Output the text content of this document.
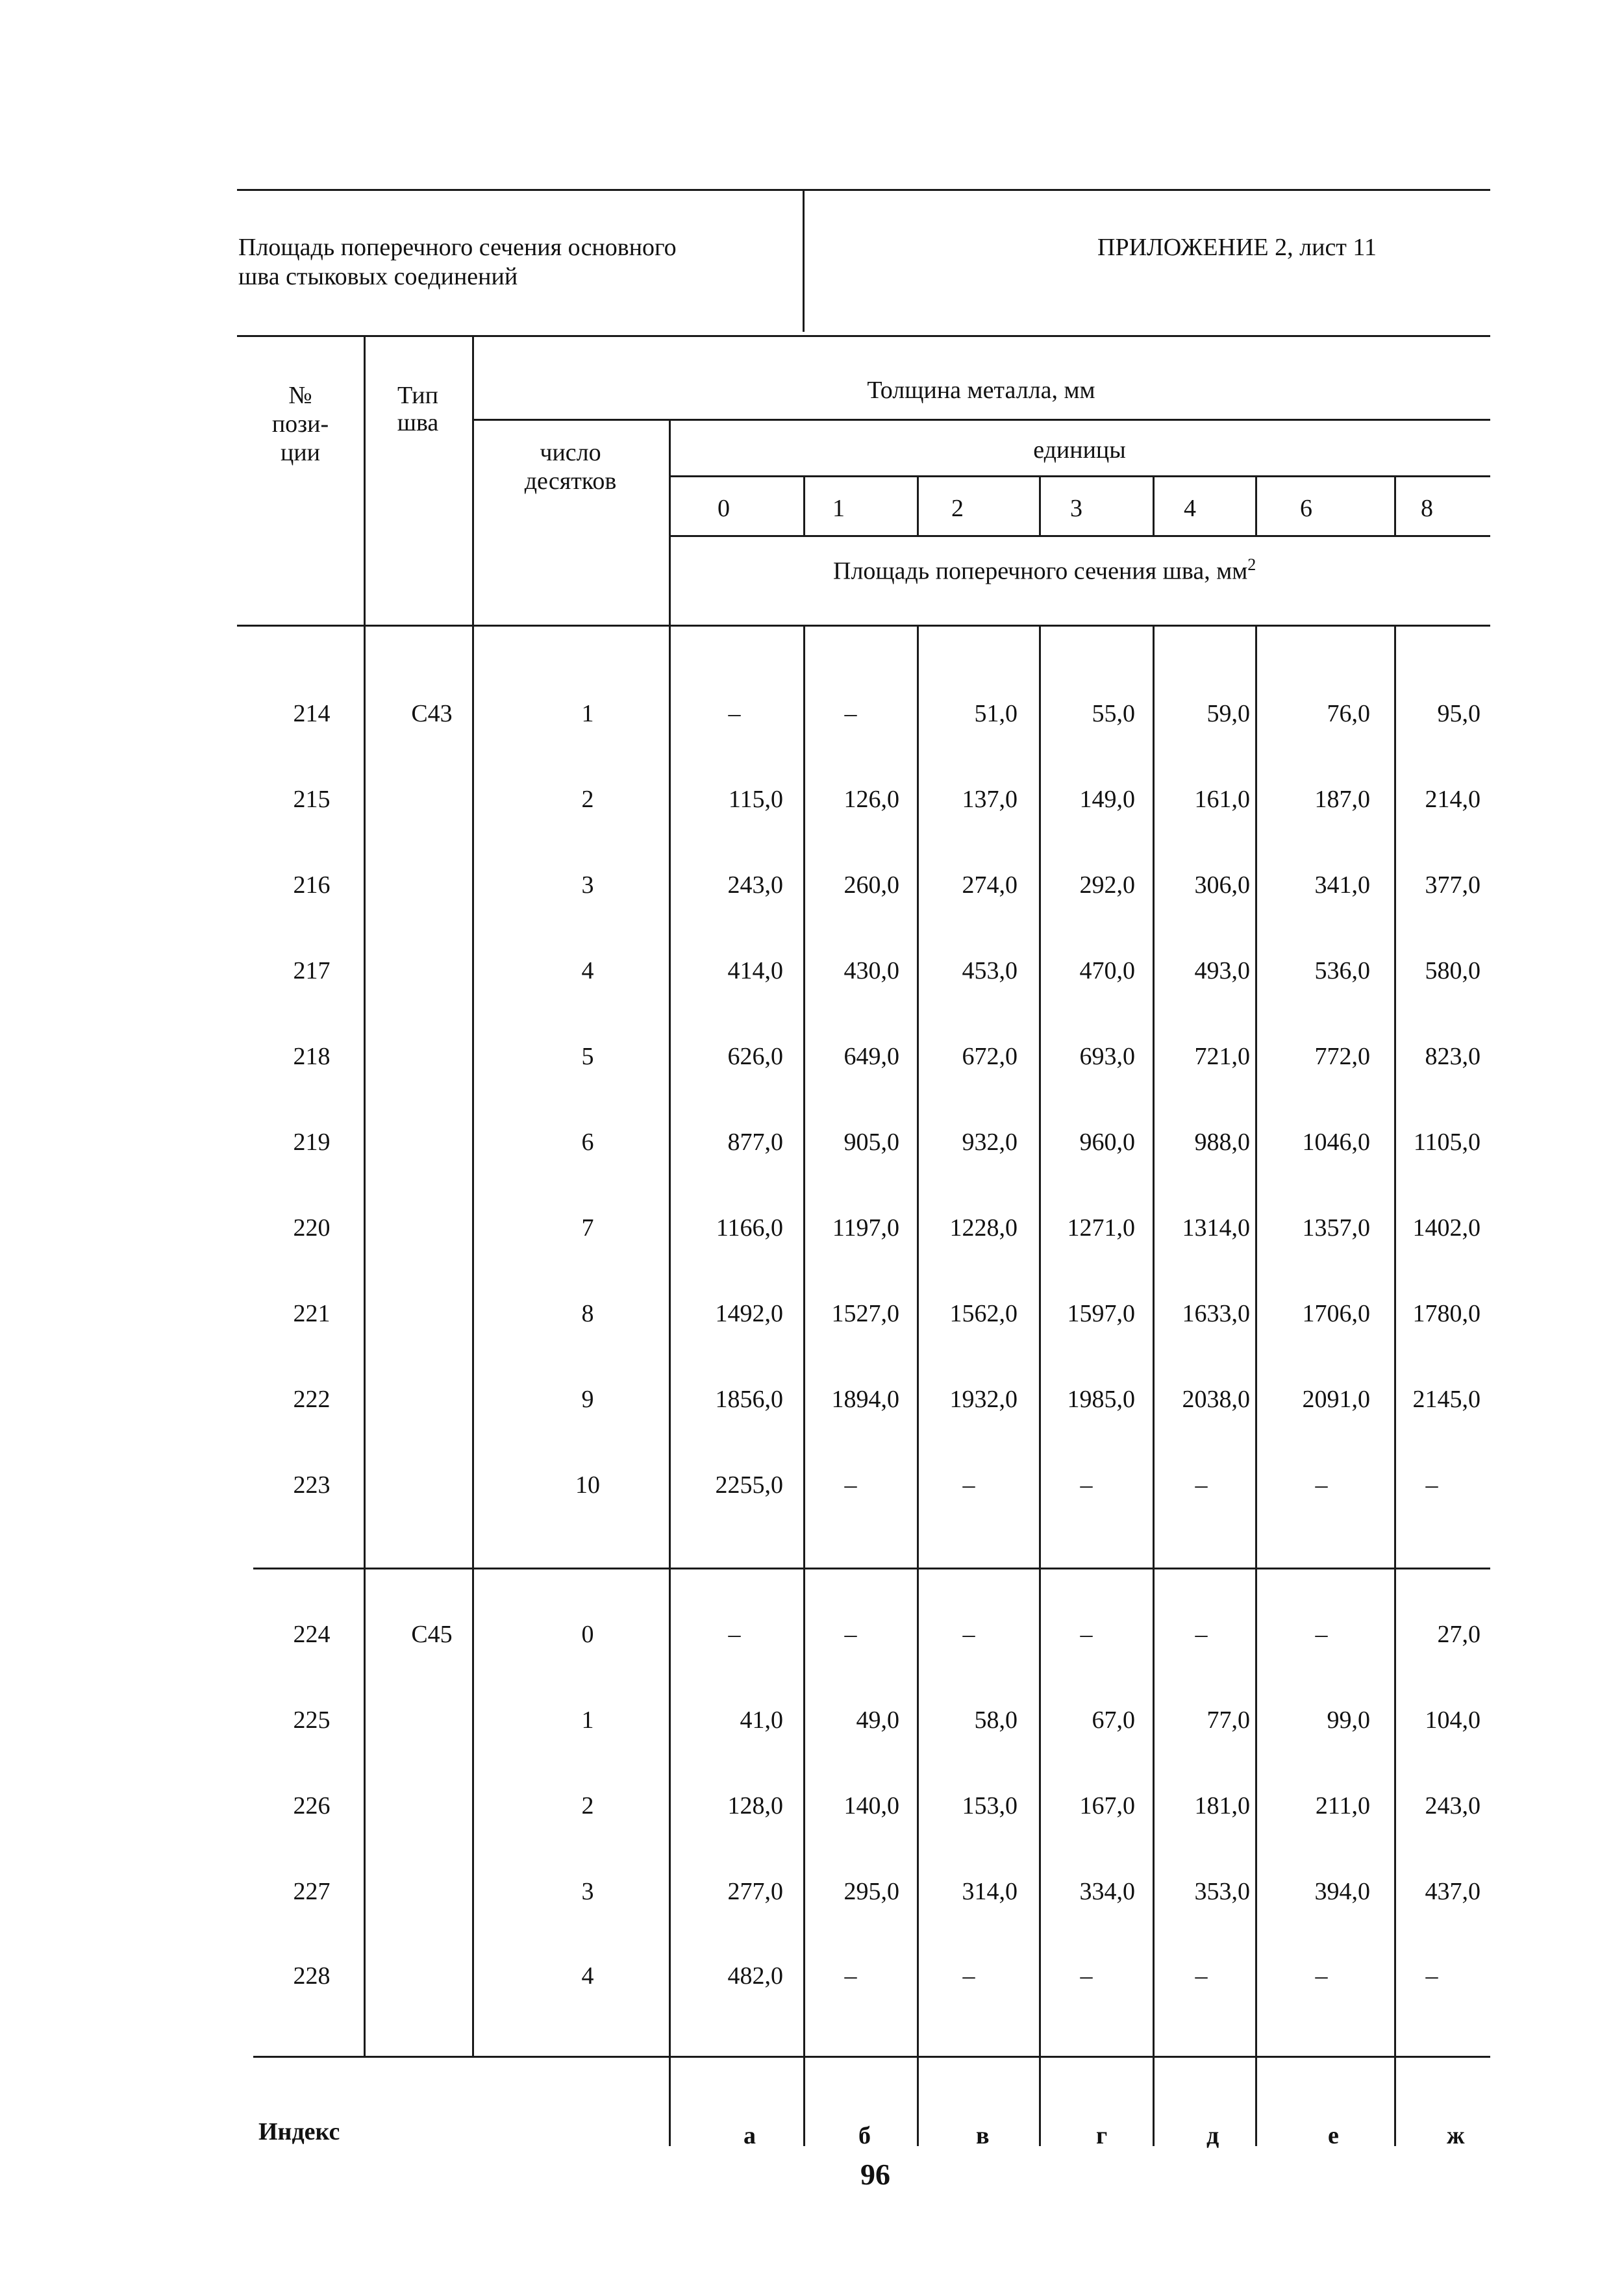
Площадь поперечного сечения основного
шва стыковых соединений
ПРИЛОЖЕНИЕ 2, лист 11
№
пози-
ции
Тип
шва
Толщина металла, мм
число
десятков
единицы
0	1	2	3	4	6	8
Площадь поперечного сечения шва, $мм^2$
214	C43	1	–	–	51,0	55,0	59,0	76,0	95,0
215	2	115,0	126,0	137,0	149,0	161,0	187,0	214,0
216	3	243,0	260,0	274,0	292,0	306,0	341,0	377,0
217	4	414,0	430,0	453,0	470,0	493,0	536,0	580,0
218	5	626,0	649,0	672,0	693,0	721,0	772,0	823,0
219	6	877,0	905,0	932,0	960,0	988,0	1046,0	1105,0
220	7	1166,0	1197,0	1228,0	1271,0	1314,0	1357,0	1402,0
221	8	1492,0	1527,0	1562,0	1597,0	1633,0	1706,0	1780,0
222	9	1856,0	1894,0	1932,0	1985,0	2038,0	2091,0	2145,0
223	10	2255,0	–	–	–	–	–	–
224	C45	0	–	–	–	–	–	–	27,0
225	1	41,0	49,0	58,0	67,0	77,0	99,0	104,0
226	2	128,0	140,0	153,0	167,0	181,0	211,0	243,0
227	3	277,0	295,0	314,0	334,0	353,0	394,0	437,0
228	4	482,0	–	–	–	–	–	–
Индекс	а	б	в	г	д	е	ж
96
